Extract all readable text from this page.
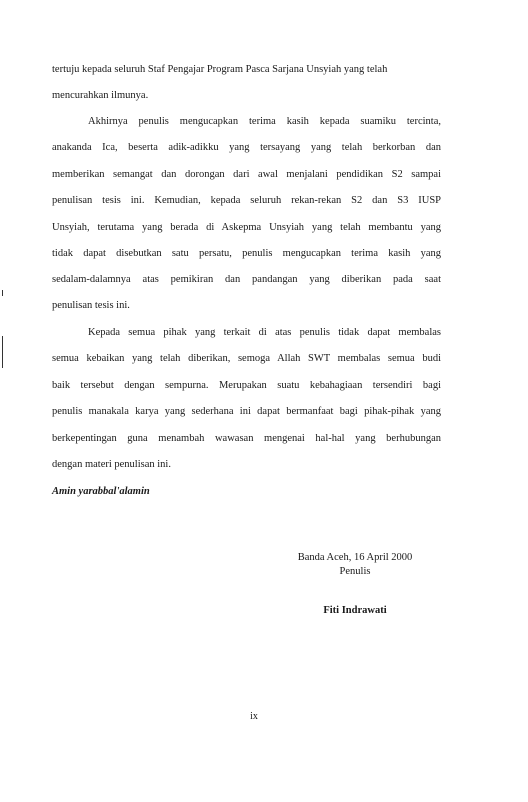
tertuju kepada seluruh Staf Pengajar Program Pasca Sarjana Unsyiah yang telah
mencurahkan ilmunya.
Akhirnya penulis mengucapkan terima kasih kepada suamiku tercinta,
anakanda Ica, beserta adik-adikku yang tersayang yang telah berkorban dan
memberikan semangat dan dorongan dari awal menjalani pendidikan S2 sampai
penulisan tesis ini. Kemudian, kepada seluruh rekan-rekan S2 dan S3 IUSP
Unsyiah, terutama yang berada di Askepma Unsyiah yang telah membantu yang
tidak dapat disebutkan satu persatu, penulis mengucapkan terima kasih yang
sedalam-dalamnya atas pemikiran dan pandangan yang diberikan pada saat
penulisan tesis ini.
Kepada semua pihak yang terkait di atas penulis tidak dapat membalas
semua kebaikan yang telah diberikan, semoga Allah SWT membalas semua budi
baik tersebut dengan sempurna. Merupakan suatu kebahagiaan tersendiri bagi
penulis manakala karya yang sederhana ini dapat bermanfaat bagi pihak-pihak yang
berkepentingan guna menambah wawasan mengenai hal-hal yang berhubungan
dengan materi penulisan ini.
Amin yarabbal'alamin
Banda Aceh, 16 April 2000
Penulis
Fiti Indrawati
ix
